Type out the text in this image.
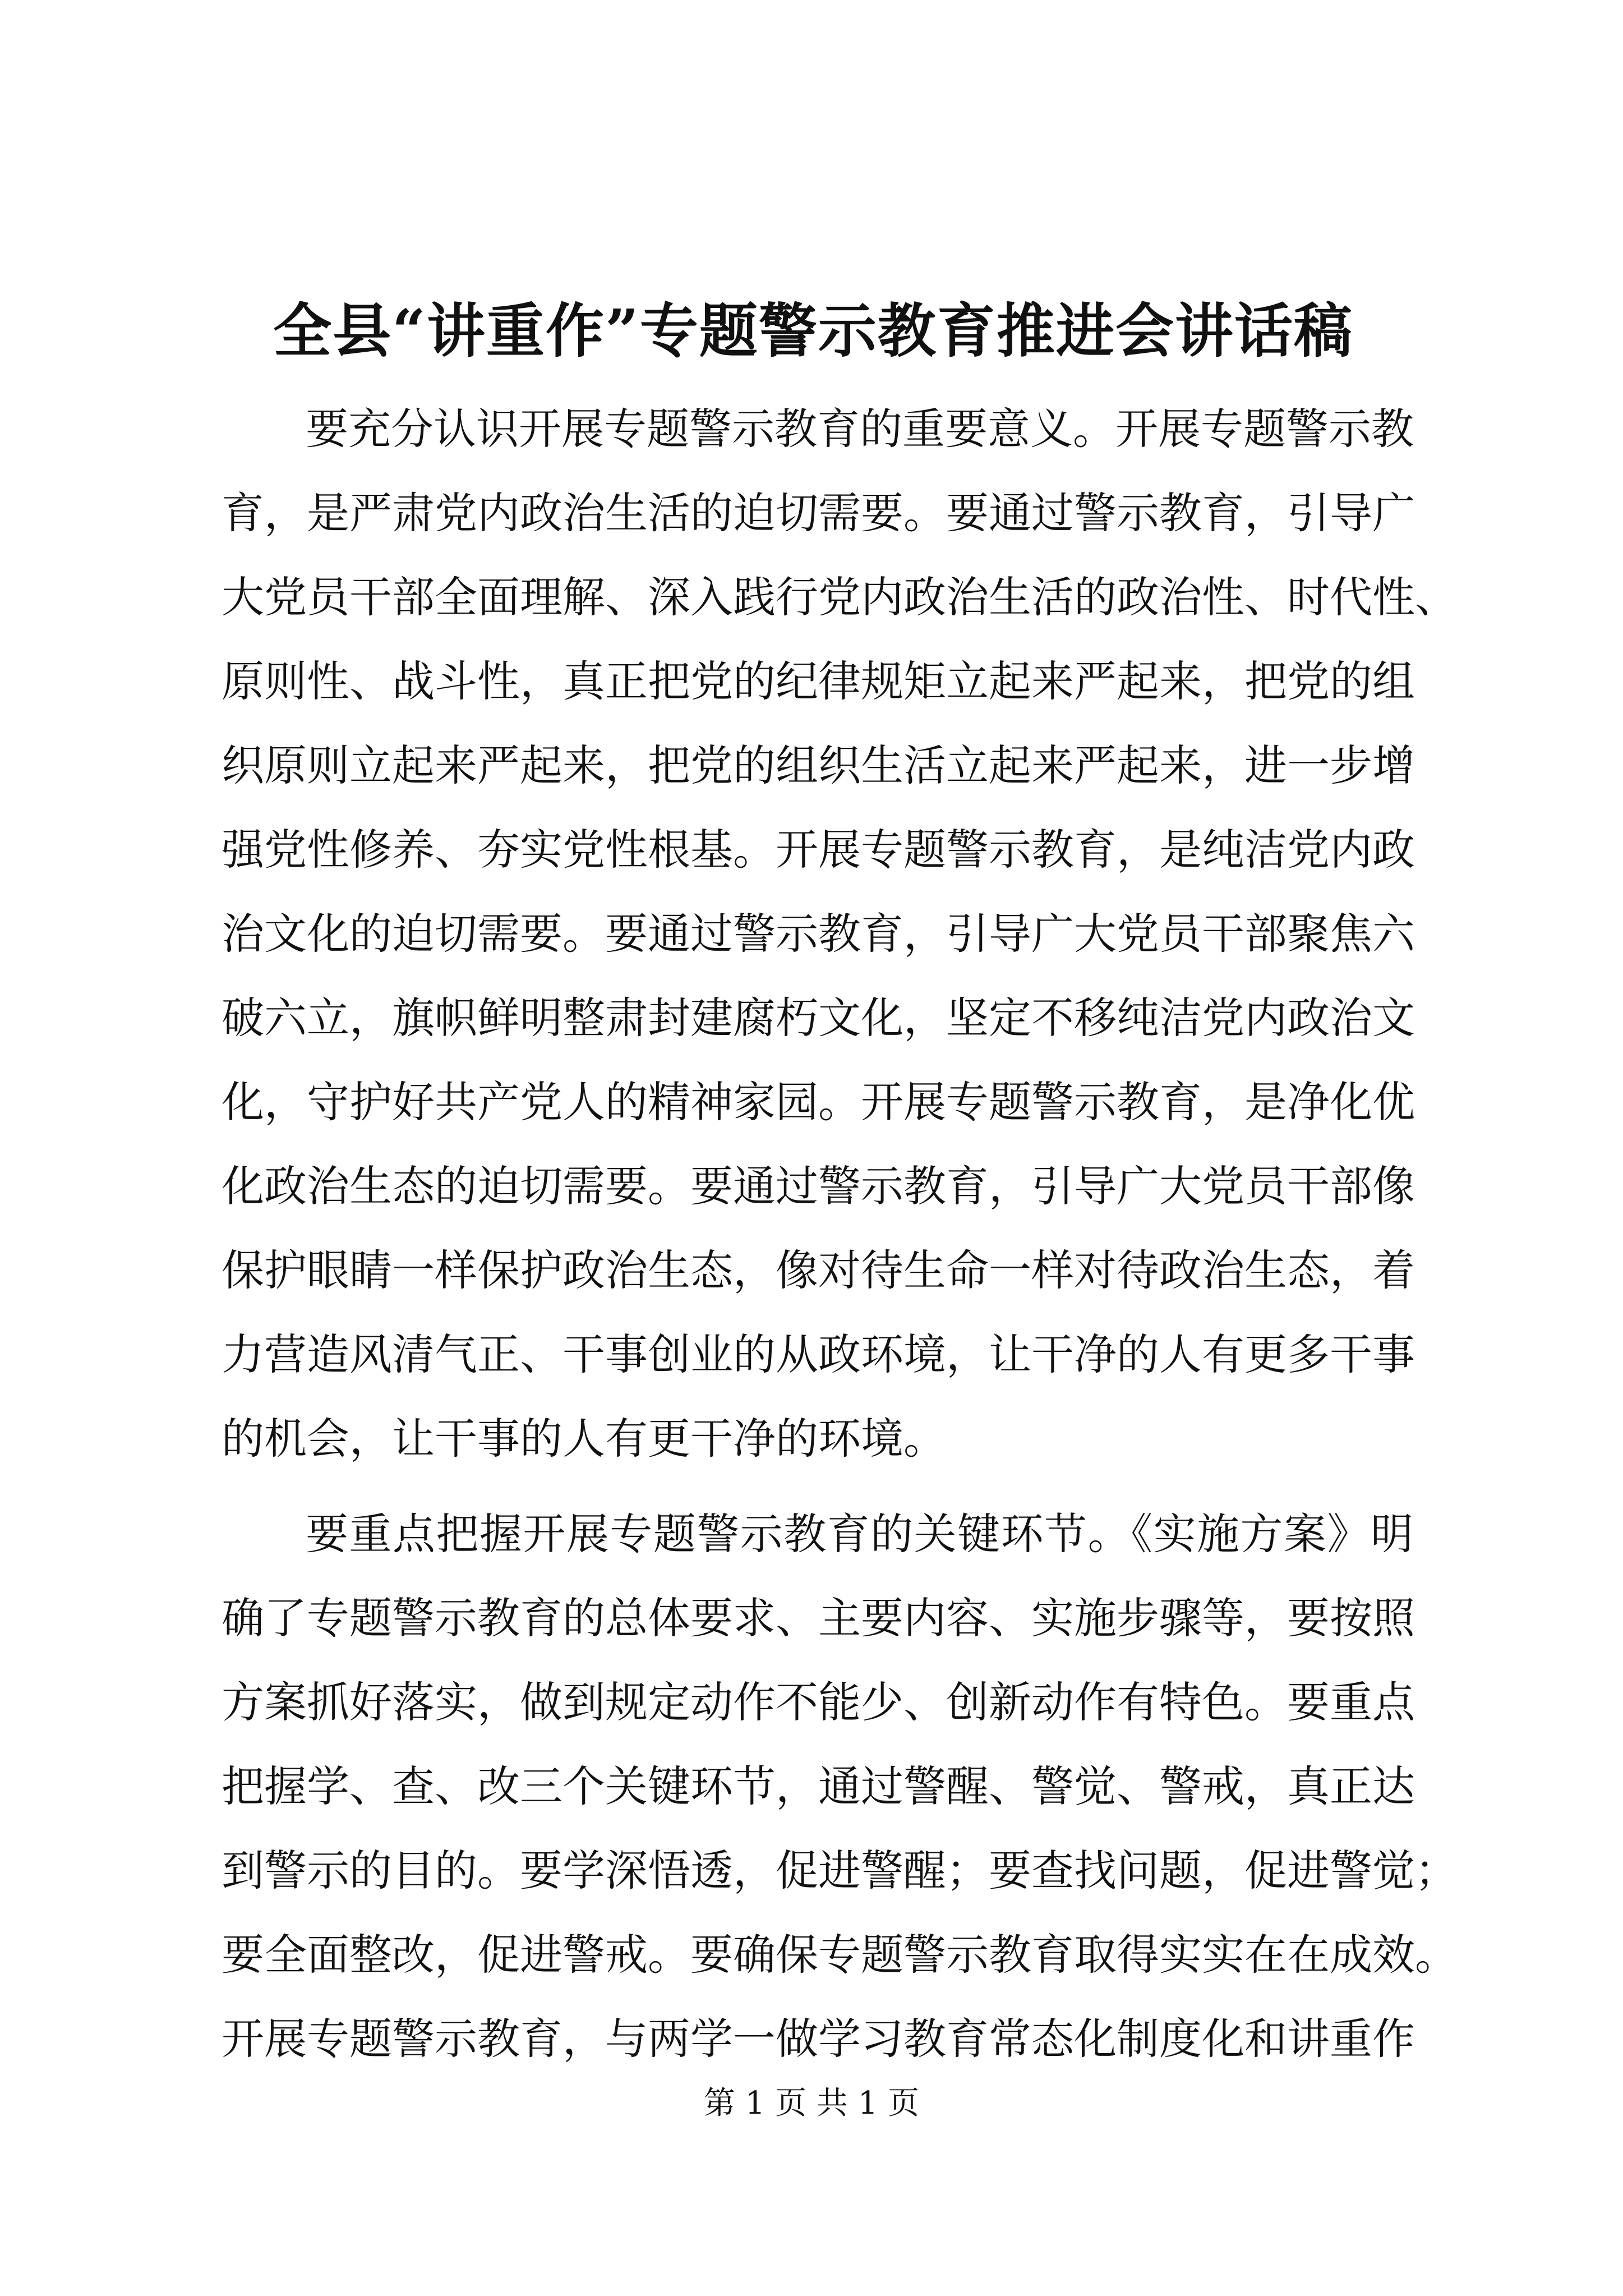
全县“讲重作”专题警示教育推进会讲话稿

要充分认识开展专题警示教育的重要意义。开展专题警示教

育，是严肃党内政治生活的迫切需要。要通过警示教育，引导广

大党员干部全面理解、深入践行党内政治生活的政治性、时代性、

原则性、战斗性，真正把党的纪律规矩立起来严起来，把党的组

织原则立起来严起来，把党的组织生活立起来严起来，进一步增

强党性修养、夯实党性根基。开展专题警示教育，是纯洁党内政

治文化的迫切需要。要通过警示教育，引导广大党员干部聚焦六

破六立，旗帜鲜明整肃封建腐朽文化，坚定不移纯洁党内政治文

化，守护好共产党人的精神家园。开展专题警示教育，是净化优

化政治生态的迫切需要。要通过警示教育，引导广大党员干部像

保护眼睛一样保护政治生态，像对待生命一样对待政治生态，着

力营造风清气正、干事创业的从政环境，让干净的人有更多干事

的机会，让干事的人有更干净的环境。

要重点把握开展专题警示教育的关键环节。《实施方案》明

确了专题警示教育的总体要求、主要内容、实施步骤等，要按照

方案抓好落实，做到规定动作不能少、创新动作有特色。要重点

把握学、查、改三个关键环节，通过警醒、警觉、警戒，真正达

到警示的目的。要学深悟透，促进警醒；要查找问题，促进警觉；

要全面整改，促进警戒。要确保专题警示教育取得实实在在成效。

开展专题警示教育，与两学一做学习教育常态化制度化和讲重作

第 1 页 共 1 页
